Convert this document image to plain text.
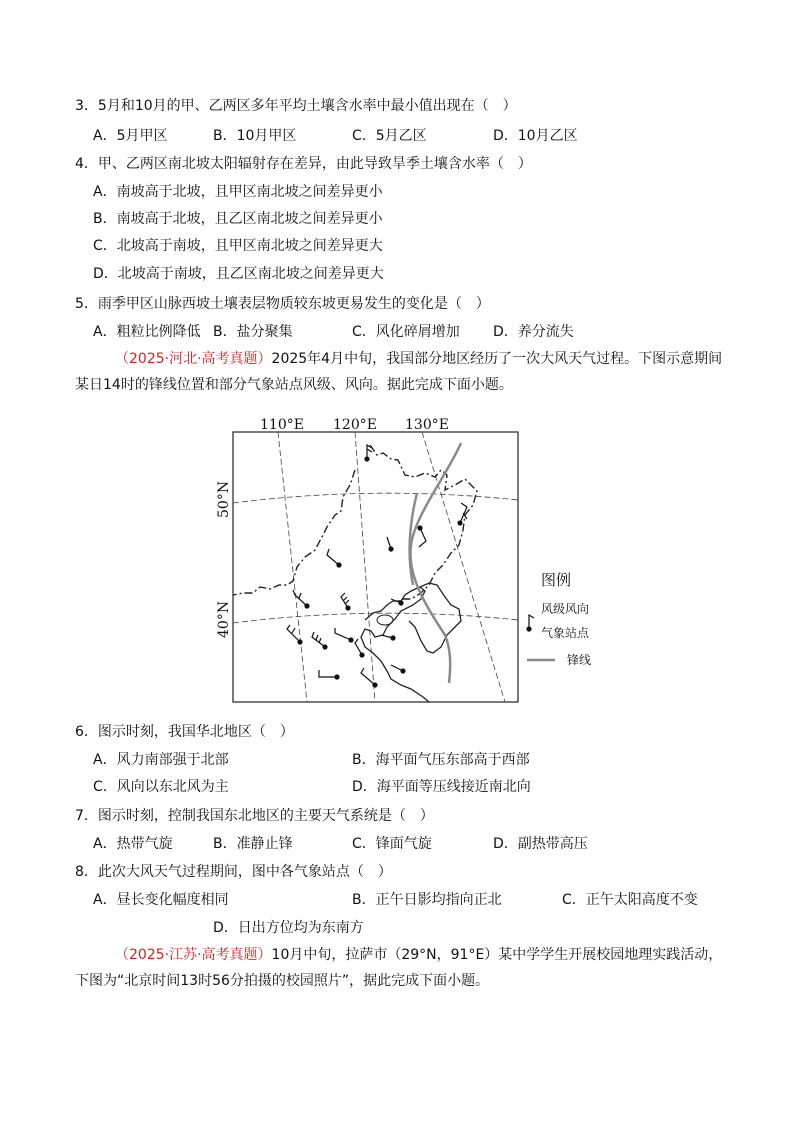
3．5月和10月的甲、乙两区多年平均土壤含水率中最小值出现在（　）
A．5月甲区	B．10月甲区	C．5月乙区	D．10月乙区
4．甲、乙两区南北坡太阳辐射存在差异，由此导致旱季土壤含水率（　）
A．南坡高于北坡，且甲区南北坡之间差异更小
B．南坡高于北坡，且乙区南北坡之间差异更小
C．北坡高于南坡，且甲区南北坡之间差异更大
D．北坡高于南坡，且乙区南北坡之间差异更大
5．雨季甲区山脉西坡土壤表层物质较东坡更易发生的变化是（　）
A．粗粒比例降低 B．盐分聚集	C．风化碎屑增加 D．养分流失
（2025·河北·高考真题）2025年4月中旬，我国部分地区经历了一次大风天气过程。下图示意期间某日14时的锋线位置和部分气象站点风级、风向。据此完成下面小题。
110°E 120°E 130°E
50°N
40°N
图例
风级风向
气象站点
锋线
6．图示时刻，我国华北地区（　）
A．风力南部强于北部	B．海平面气压东部高于西部
C．风向以东北风为主	D．海平面等压线接近南北向
7．图示时刻，控制我国东北地区的主要天气系统是（　）
A．热带气旋	B．准静止锋	C．锋面气旋	D．副热带高压
8．此次大风天气过程期间，图中各气象站点（　）
A．昼长变化幅度相同	B．正午日影均指向正北	C．正午太阳高度不变
D．日出方位均为东南方
（2025·江苏·高考真题）10月中旬，拉萨市（29°N，91°E）某中学学生开展校园地理实践活动，下图为“北京时间13时56分拍摄的校园照片”，据此完成下面小题。
